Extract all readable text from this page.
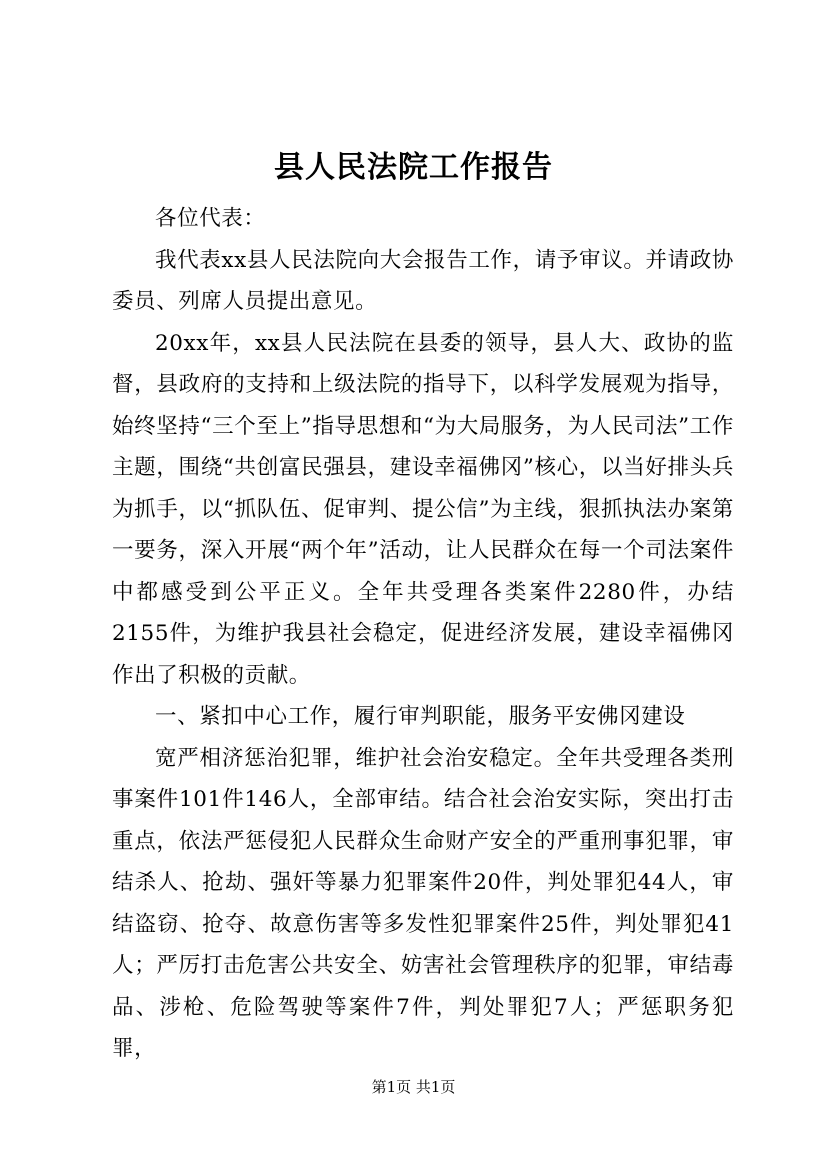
县人民法院工作报告

各位代表：

我代表xx县人民法院向大会报告工作，请予审议。并请政协委员、列席人员提出意见。

20xx年，xx县人民法院在县委的领导，县人大、政协的监督，县政府的支持和上级法院的指导下，以科学发展观为指导，始终坚持“三个至上”指导思想和“为大局服务，为人民司法”工作主题，围绕“共创富民强县，建设幸福佛冈”核心，以当好排头兵为抓手，以“抓队伍、促审判、提公信”为主线，狠抓执法办案第一要务，深入开展“两个年”活动，让人民群众在每一个司法案件中都感受到公平正义。全年共受理各类案件2280件，办结2155件，为维护我县社会稳定，促进经济发展，建设幸福佛冈作出了积极的贡献。

一、紧扣中心工作，履行审判职能，服务平安佛冈建设

宽严相济惩治犯罪，维护社会治安稳定。全年共受理各类刑事案件101件146人，全部审结。结合社会治安实际，突出打击重点，依法严惩侵犯人民群众生命财产安全的严重刑事犯罪，审结杀人、抢劫、强奸等暴力犯罪案件20件，判处罪犯44人，审结盗窃、抢夺、故意伤害等多发性犯罪案件25件，判处罪犯41人；严厉打击危害公共安全、妨害社会管理秩序的犯罪，审结毒品、涉枪、危险驾驶等案件7件，判处罪犯7人；严惩职务犯罪，

第1页 共1页
